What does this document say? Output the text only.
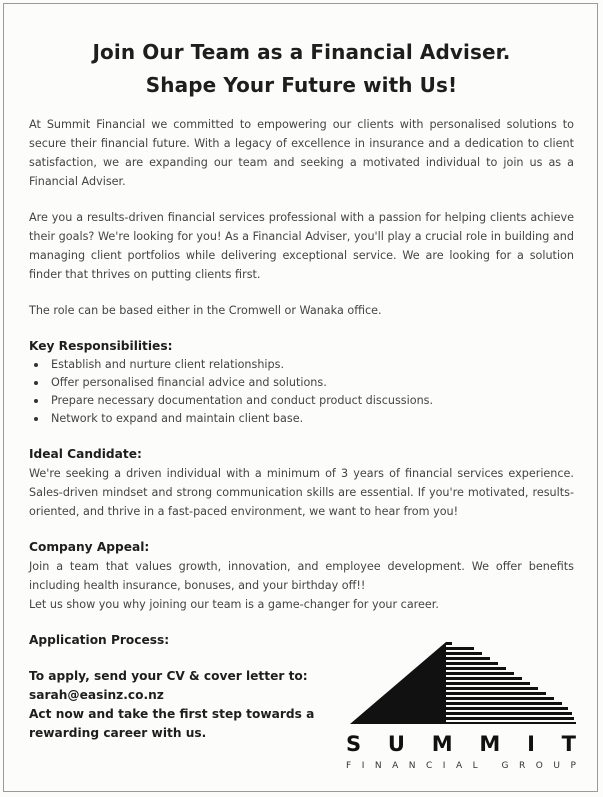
Join Our Team as a Financial Adviser.
Shape Your Future with Us!

At Summit Financial we committed to empowering our clients with personalised solutions to secure their financial future. With a legacy of excellence in insurance and a dedication to client satisfaction, we are expanding our team and seeking a motivated individual to join us as a Financial Adviser.

Are you a results-driven financial services professional with a passion for helping clients achieve their goals? We're looking for you! As a Financial Adviser, you'll play a crucial role in building and managing client portfolios while delivering exceptional service. We are looking for a solution finder that thrives on putting clients first.

The role can be based either in the Cromwell or Wanaka office.

Key Responsibilities:
Establish and nurture client relationships.
Offer personalised financial advice and solutions.
Prepare necessary documentation and conduct product discussions.
Network to expand and maintain client base.
Ideal Candidate:

We're seeking a driven individual with a minimum of 3 years of financial services experience. Sales-driven mindset and strong communication skills are essential. If you're motivated, results-oriented, and thrive in a fast-paced environment, we want to hear from you!

Company Appeal:

Join a team that values growth, innovation, and employee development. We offer benefits including health insurance, bonuses, and your birthday off!!

Let us show you why joining our team is a game-changer for your career.

Application Process:
To apply, send your CV & cover letter to:
sarah@easinz.co.nz
Act now and take the first step towards a rewarding career with us.	S U M M I T
F I N A N C I A L
	G R O U P
